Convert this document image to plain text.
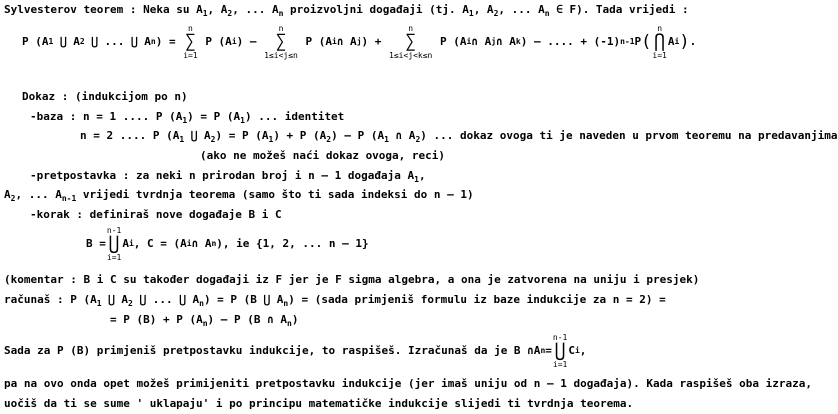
Sylvesterov teorem : Neka su $A_1$, $A_2$, ... $A_n$ proizvoljni događaji (tj. $A_1$, $A_2$, ... $A_n$ ∈ F). Tada vrijedi :
P (A1 ⋃ A2 ⋃ ... ⋃ An) =
n
∑
i=1
P (Ai) –
n
∑
1≤i<j≤n
P (Ai∩ Aj) +
n
∑
1≤i<j<k≤n
P (Ai∩ Aj∩ Ak) – .... + (-1)n-1P(
n
⋂
i=1
Ai).
Dokaz : (indukcijom po n)
-baza : n = 1 .... P $(A_1) = P$ $(A_1)$ ... identitet
n = 2 .... P ($A_1$ ⋃ $A_2) = P$ $(A_1) + P$ $(A_2)$ – P ($A_1$ ∩ $A_2$) ... dokaz ovoga ti je naveden u prvom teoremu na predavanjima
(ako ne možeš naći dokaz ovoga, reci)
-pretpostavka : za neki n prirodan broj i n – 1 događaja $A_1$,
$A_2$, ... $A_{n-1}$ vrijedi tvrdnja teorema (samo što ti sada indeksi do n – 1)
-korak : definiraš nove događaje B i C
B =
n-1
⋃
i=1
Ai, C = (Ai∩ An), ie {1, 2, ... n – 1}
(komentar : B i C su također događaji iz F jer je F sigma algebra, a ona je zatvorena na uniju i presjek)
računaš : P ($A_1$ ⋃ $A_2$ ⋃ ... ⋃ $A_n) = P$ (B ⋃ $A_n$) = (sada primjeniš formulu iz baze indukcije za n = 2) =
= P (B) + P $(A_n)$ – P (B ∩ $A_n$)
Sada za P (B) primjeniš pretpostavku indukcije, to raspišeš. Izračunaš da je B ∩An=
n-1
⋃
i=1
Ci,
pa na ovo onda opet možeš primijeniti pretpostavku indukcije (jer imaš uniju od n – 1 događaja). Kada raspišeš oba izraza,
uočiš da ti se sume ' uklapaju' i po principu matematičke indukcije slijedi ti tvrdnja teorema.
